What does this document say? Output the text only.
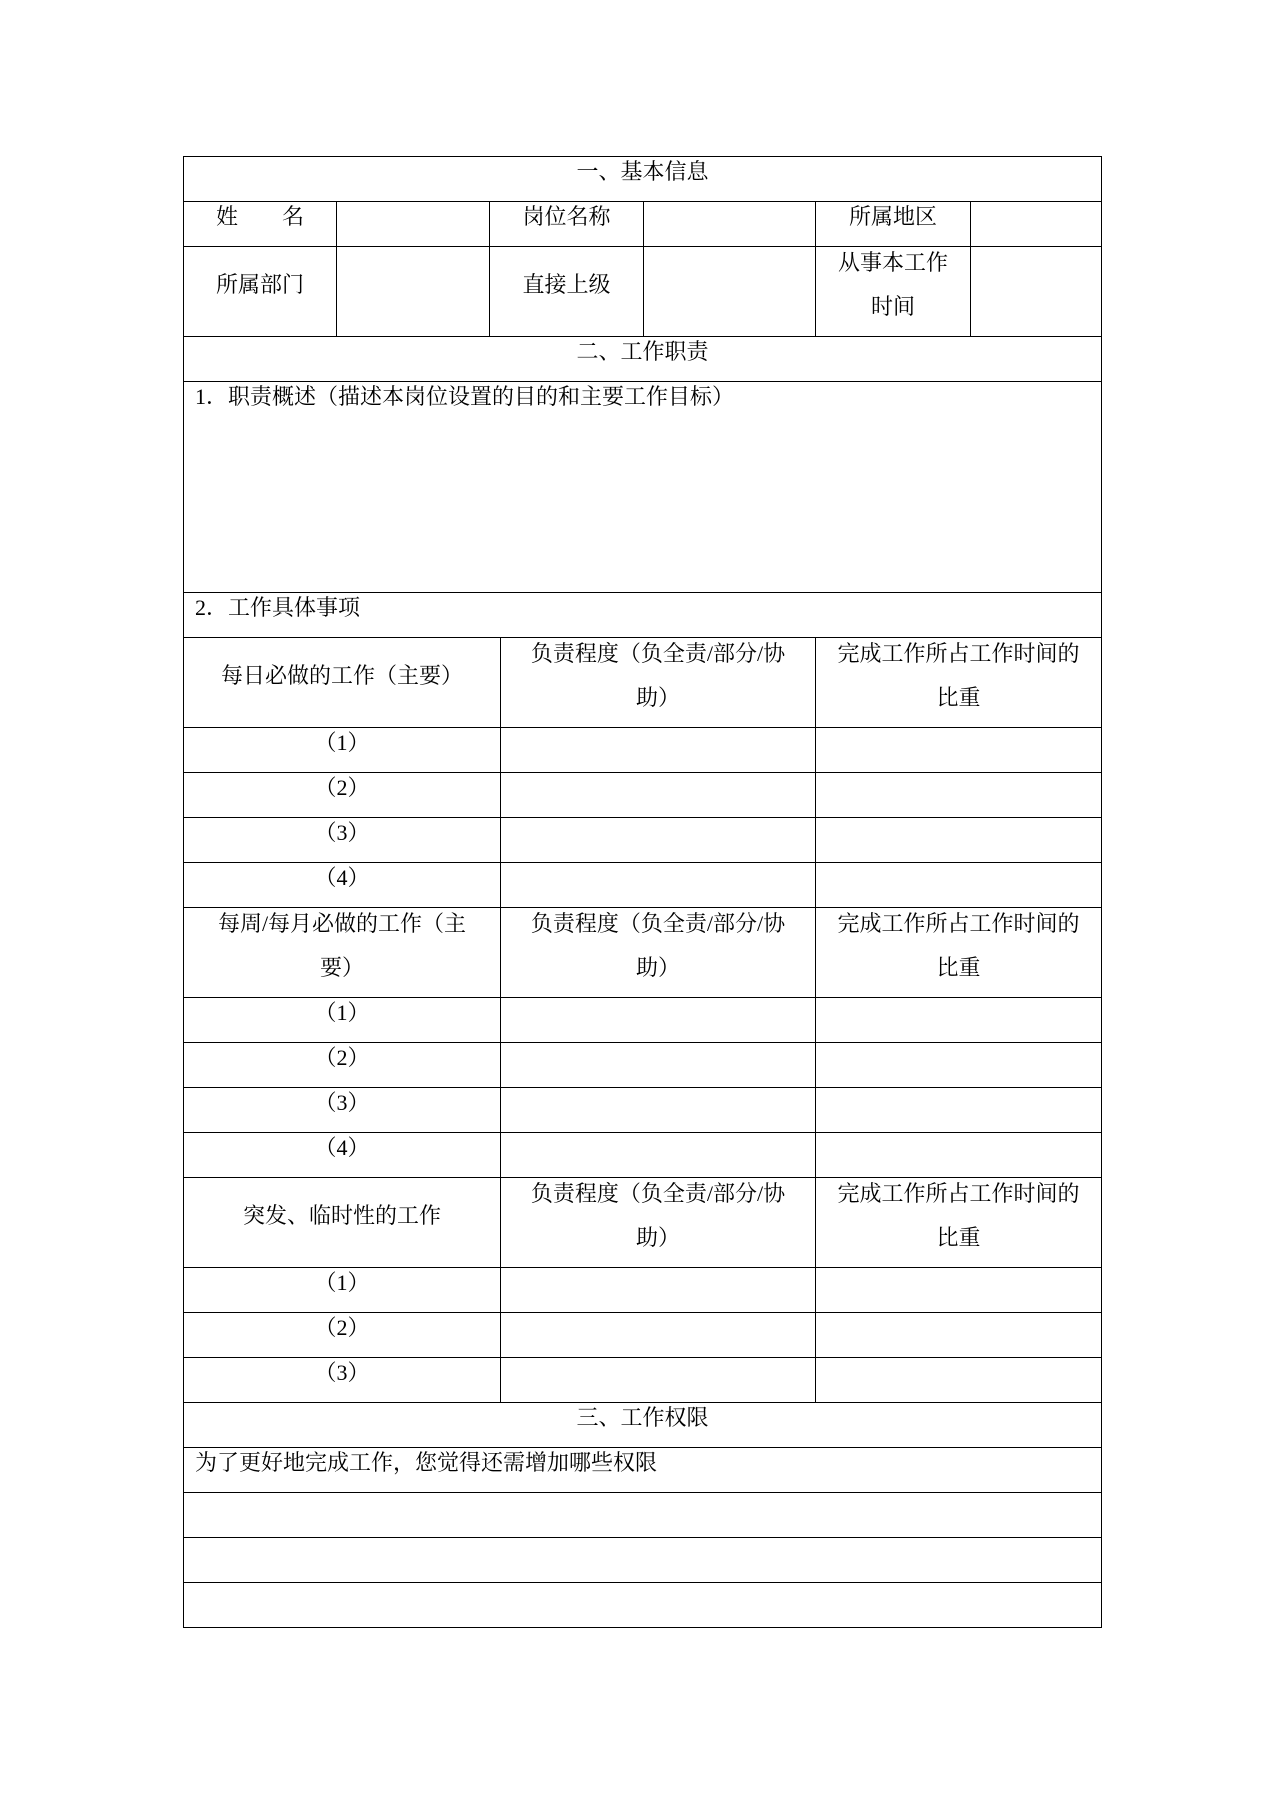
一、基本信息						

姓　　名		岗位名称			所属地区	

所属部门		直接上级			从事本工作时间	

二、工作职责						

1．职责概述（描述本岗位设置的目的和主要工作目标）						

2．工作具体事项						

每日必做的工作（主要）			负责程度（负全责/部分/协助）		完成工作所占工作时间的比重	

（1）						

（2）						

（3）						

（4）						

每周/每月必做的工作（主要）			负责程度（负全责/部分/协助）		完成工作所占工作时间的比重	

（1）						

（2）						

（3）						

（4）						

突发、临时性的工作			负责程度（负全责/部分/协助）		完成工作所占工作时间的比重	

（1）						

（2）						

（3）						

三、工作权限						

为了更好地完成工作，您觉得还需增加哪些权限						
